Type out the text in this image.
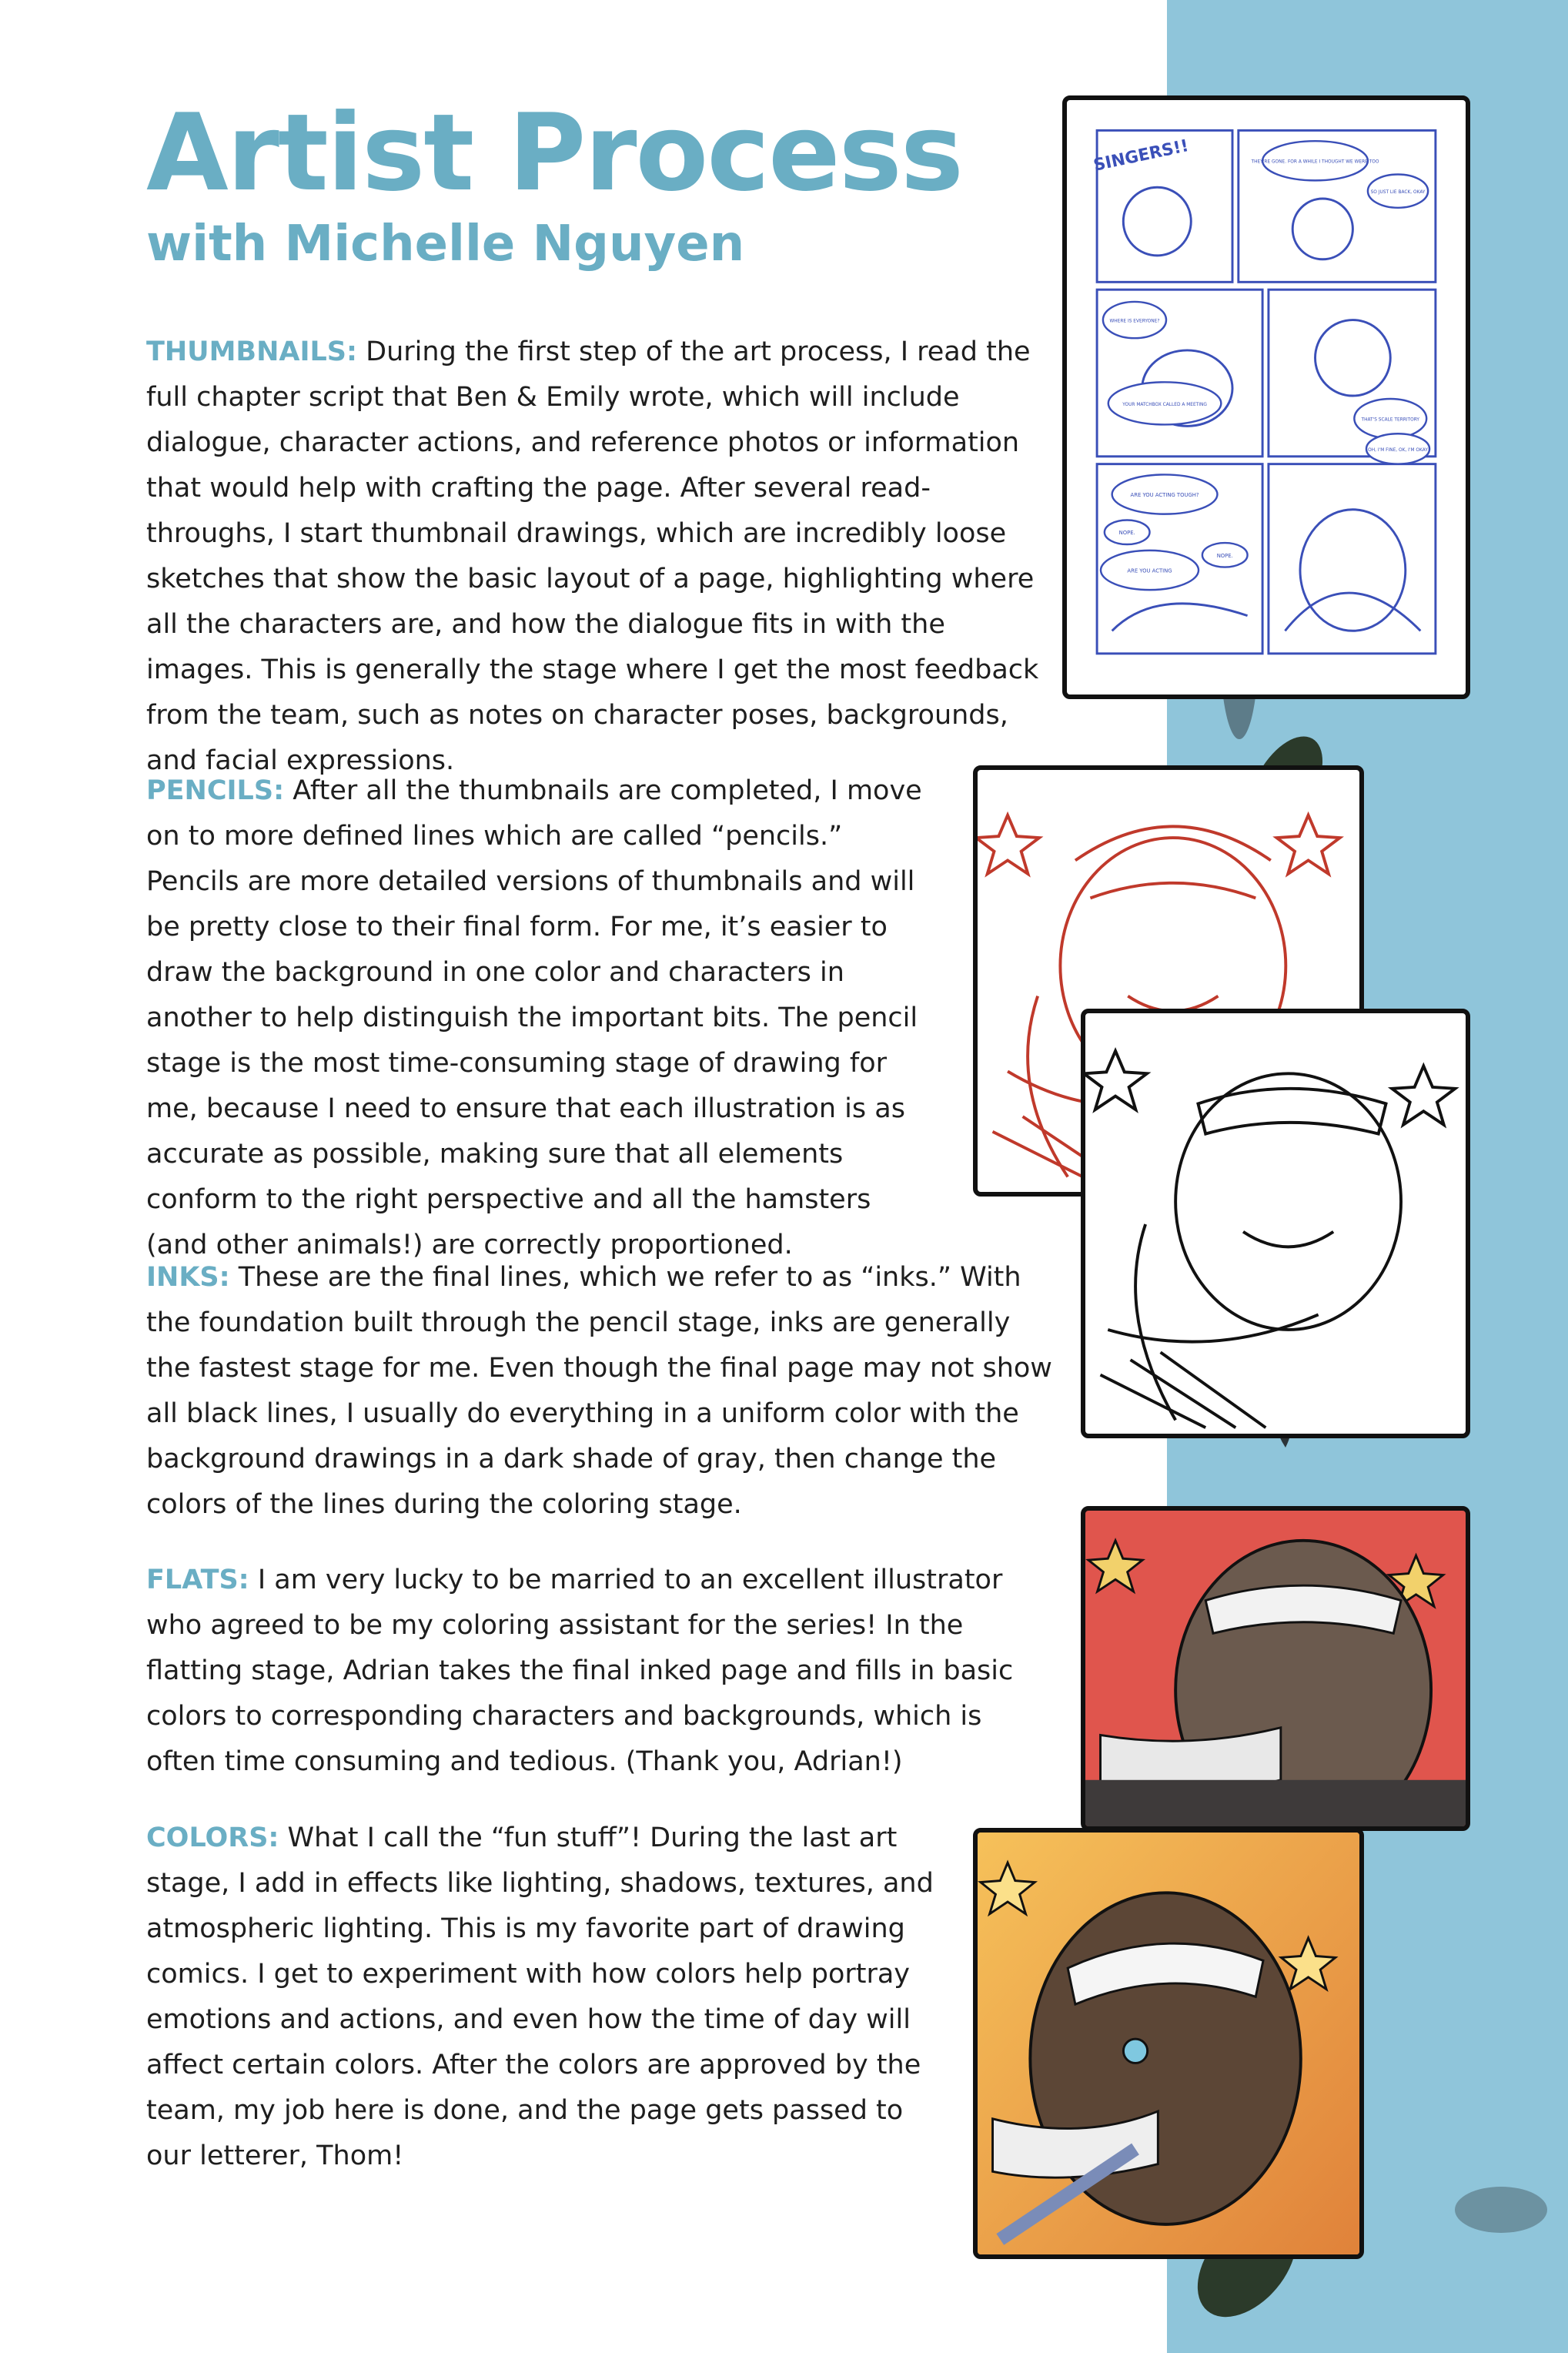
Artist Process
with Michelle Nguyen

THUMBNAILS: During the first step of the art process, I read the full chapter script that Ben & Emily wrote, which will include dialogue, character actions, and reference photos or information that would help with crafting the page. After several read-throughs, I start thumbnail drawings, which are incredibly loose sketches that show the basic layout of a page, highlighting where all the characters are, and how the dialogue fits in with the images. This is generally the stage where I get the most feedback from the team, such as notes on character poses, backgrounds, and facial expressions.

PENCILS: After all the thumbnails are completed, I move on to more defined lines which are called “pencils.” Pencils are more detailed versions of thumbnails and will be pretty close to their final form. For me, it’s easier to draw the background in one color and characters in another to help distinguish the important bits. The pencil stage is the most time-consuming stage of drawing for me, because I need to ensure that each illustration is as accurate as possible, making sure that all elements conform to the right perspective and all the hamsters (and other animals!) are correctly proportioned.

INKS: These are the final lines, which we refer to as “inks.” With the foundation built through the pencil stage, inks are generally the fastest stage for me. Even though the final page may not show all black lines, I usually do everything in a uniform color with the background drawings in a dark shade of gray, then change the colors of the lines during the coloring stage.

FLATS: I am very lucky to be married to an excellent illustrator who agreed to be my coloring assistant for the series! In the flatting stage, Adrian takes the final inked page and fills in basic colors to corresponding characters and backgrounds, which is often time consuming and tedious. (Thank you, Adrian!)

COLORS: What I call the “fun stuff”! During the last art stage, I add in effects like lighting, shadows, textures, and atmospheric lighting. This is my favorite part of drawing comics. I get to experiment with how colors help portray emotions and actions, and even how the time of day will affect certain colors. After the colors are approved by the team, my job here is done, and the page gets passed to our letterer, Thom!

SINGERS!!	THEY'RE GONE. FOR A WHILE I THOUGHT WE WERE TOO
SO JUST LIE BACK, OKAY
WHERE IS EVERYONE?
YOUR MATCHBOX CALLED A MEETING
THAT'S SCALE TERRITORY
OH, I'M FINE, OK, I'M OKAY
ARE YOU ACTING TOUGH?
NOPE.
ARE YOU ACTING
NOPE.
